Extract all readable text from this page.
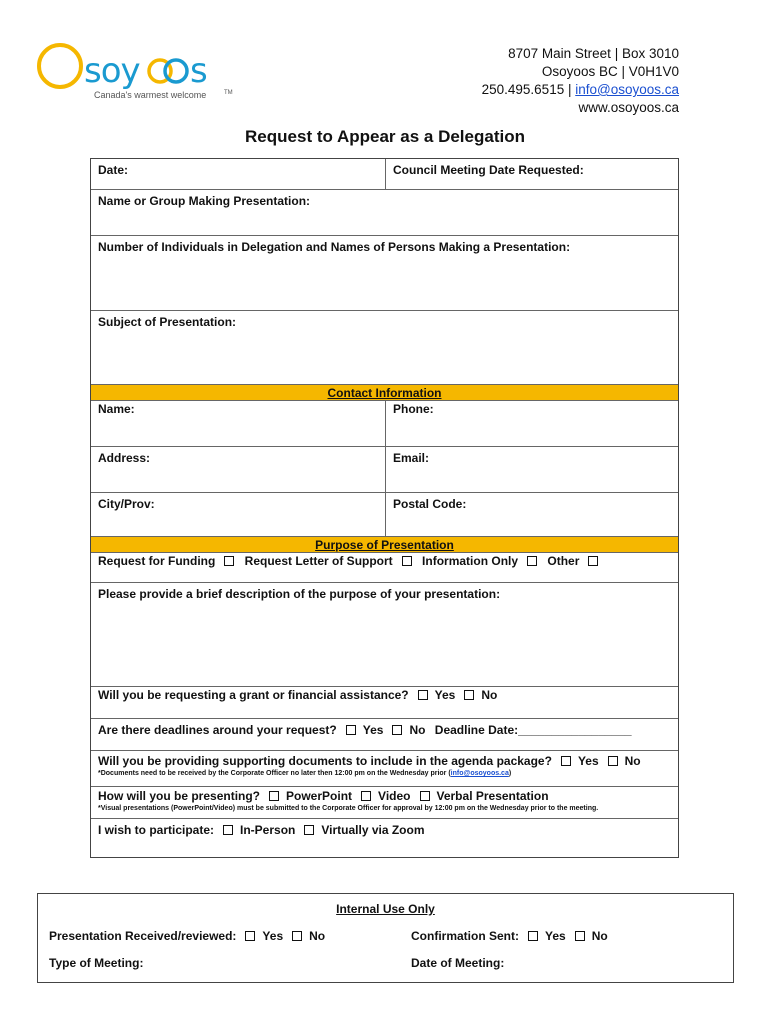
soy s
Canada's warmest welcome	TM
8707 Main Street | Box 3010
Osoyoos BC | V0H1V0
250.495.6515 | info@osoyoos.ca
www.osoyoos.ca
Request to Appear as a Delegation
Date:	Council Meeting Date Requested:
Name or Group Making Presentation:
Number of Individuals in Delegation and Names of Persons Making a Presentation:
Subject of Presentation:
Contact Information
Name:	Phone:
Address:	Email:
City/Prov:	Postal Code:
Purpose of Presentation
Request for Funding Request Letter of Support Information Only Other
Please provide a brief description of the purpose of your presentation:
Will you be requesting a grant or financial assistance? Yes No
Are there deadlines around your request? Yes No Deadline Date:_________________
Will you be providing supporting documents to include in the agenda package? Yes No
*Documents need to be received by the Corporate Officer no later then 12:00 pm on the Wednesday prior (info@osoyoos.ca)
How will you be presenting? PowerPoint Video Verbal Presentation
*Visual presentations (PowerPoint/Video) must be submitted to the Corporate Officer for approval by 12:00 pm on the Wednesday prior to the meeting.
I wish to participate: In-Person Virtually via Zoom
Internal Use Only
Presentation Received/reviewed: Yes No	Confirmation Sent: Yes No
Type of Meeting:	Date of Meeting:
